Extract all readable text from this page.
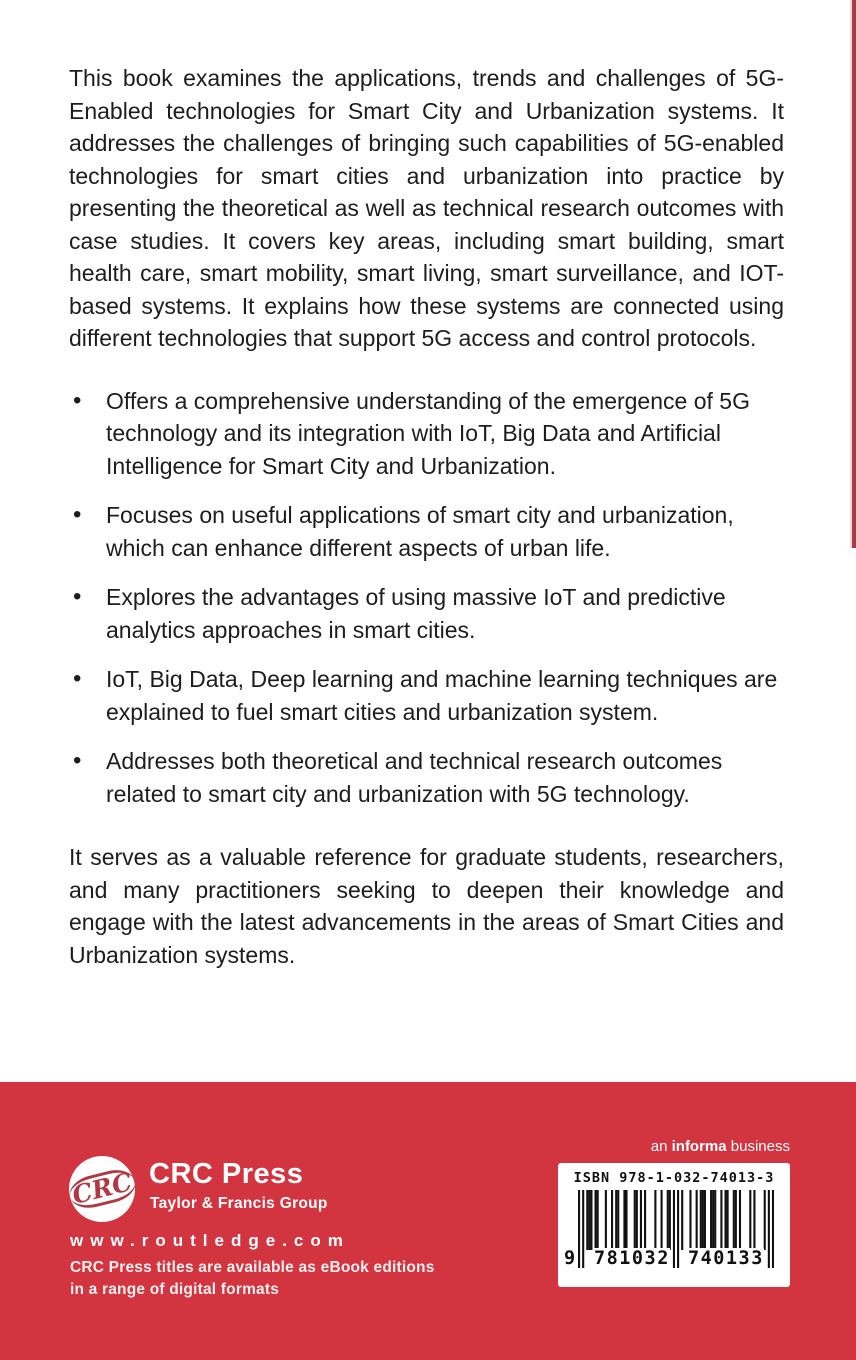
This book examines the applications, trends and challenges of 5G-Enabled technologies for Smart City and Urbanization systems. It addresses the challenges of bringing such capabilities of 5G-enabled technologies for smart cities and urbanization into practice by presenting the theoretical as well as technical research outcomes with case studies. It covers key areas, including smart building, smart health care, smart mobility, smart living, smart surveillance, and IOT-based systems. It explains how these systems are connected using different technologies that support 5G access and control protocols.

• Offers a comprehensive understanding of the emergence of 5G technology and its integration with IoT, Big Data and Artificial Intelligence for Smart City and Urbanization.
• Focuses on useful applications of smart city and urbanization, which can enhance different aspects of urban life.
• Explores the advantages of using massive IoT and predictive analytics approaches in smart cities.
• IoT, Big Data, Deep learning and machine learning techniques are explained to fuel smart cities and urbanization system.
• Addresses both theoretical and technical research outcomes related to smart city and urbanization with 5G technology.

It serves as a valuable reference for graduate students, researchers, and many practitioners seeking to deepen their knowledge and engage with the latest advancements in the areas of Smart Cities and Urbanization systems.

CRC CRC Press
Taylor & Francis Group
www.routledge.com
CRC Press titles are available as eBook editions
in a range of digital formats
an informa business
ISBN 978-1-032-74013-3
9 781032 740133
